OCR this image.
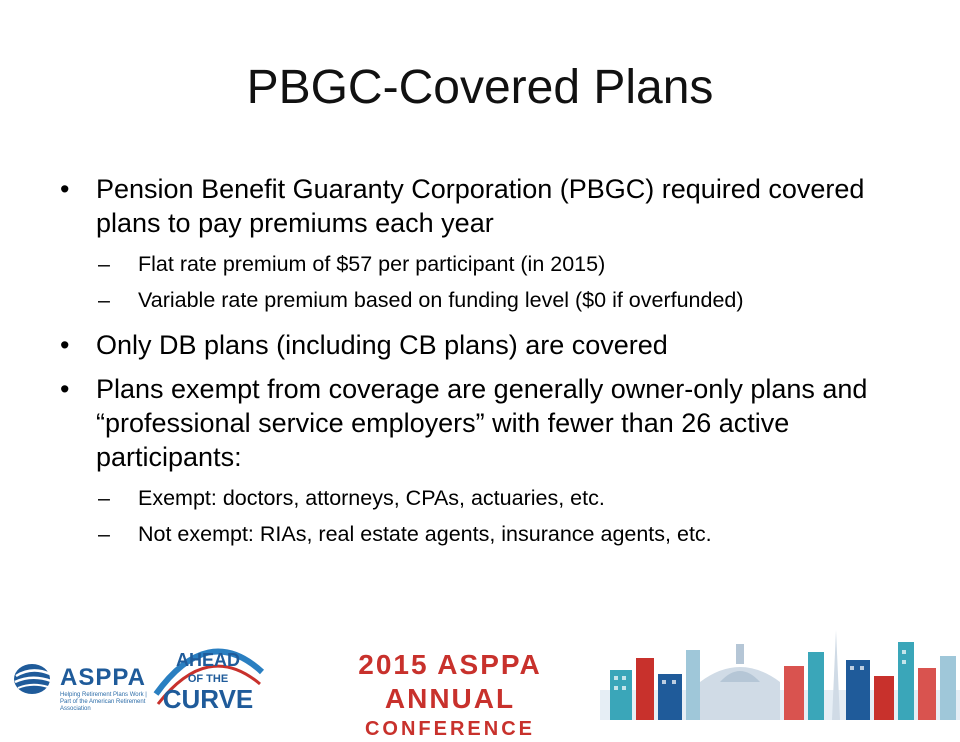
PBGC-Covered Plans
• Pension Benefit Guaranty Corporation (PBGC) required covered plans to pay premiums each year
– Flat rate premium of $57 per participant (in 2015)
– Variable rate premium based on funding level ($0 if overfunded)
• Only DB plans (including CB plans) are covered
• Plans exempt from coverage are generally owner-only plans and “professional service employers” with fewer than 26 active participants:
– Exempt: doctors, attorneys, CPAs, actuaries, etc.
– Not exempt: RIAs, real estate agents, insurance agents, etc.
ASPPA
Helping Retirement Plans Work | Part of the American Retirement Association
AHEAD
OF THE
CURVE
2015 ASPPA ANNUAL
CONFERENCE
